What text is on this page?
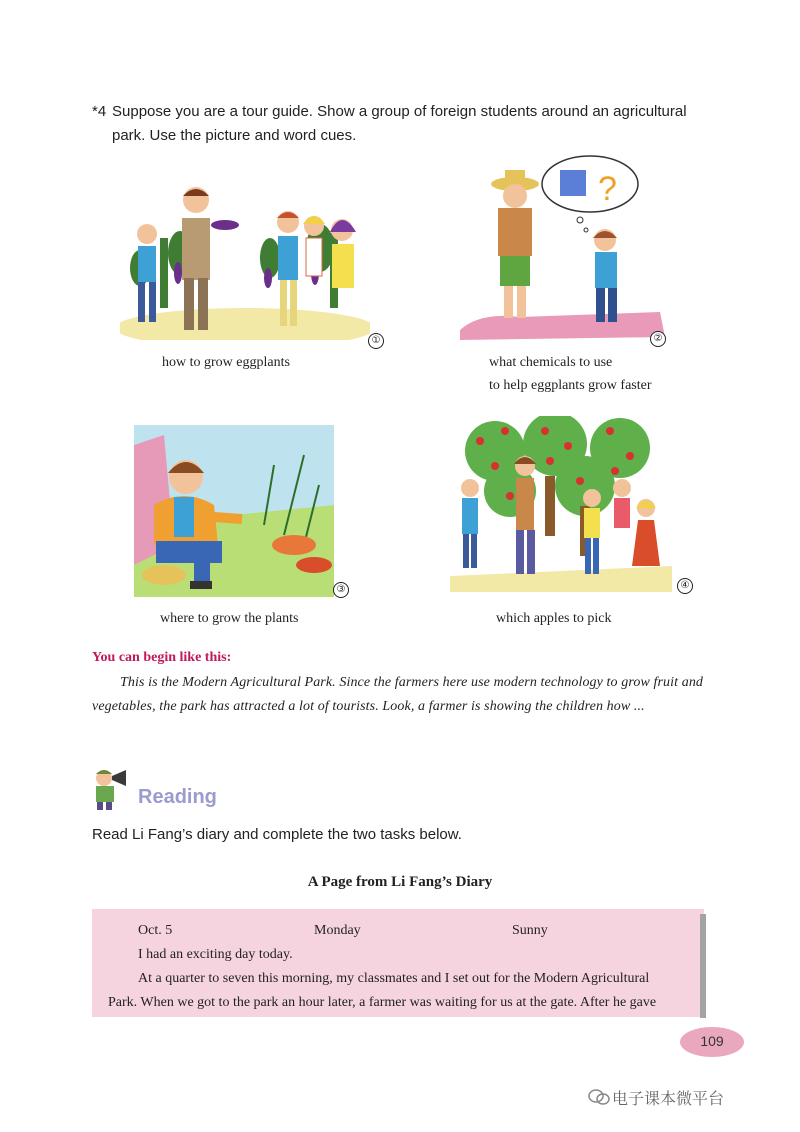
*4 Suppose you are a tour guide. Show a group of foreign students around an agricultural park. Use the picture and word cues.
①
how to grow eggplants
?
②
what chemicals to use
to help eggplants grow faster
③
where to grow the plants
④
which apples to pick
You can begin like this:
This is the Modern Agricultural Park. Since the farmers here use modern technology to grow fruit and vegetables, the park has attracted a lot of tourists. Look, a farmer is showing the children how ...
Reading
Read Li Fang’s diary and complete the two tasks below.
A Page from Li Fang’s Diary
Oct. 5	Monday	Sunny
I had an exciting day today.
At a quarter to seven this morning, my classmates and I set out for the Modern Agricultural
Park. When we got to the park an hour later, a farmer was waiting for us at the gate. After he gave
109
电子课本微平台
